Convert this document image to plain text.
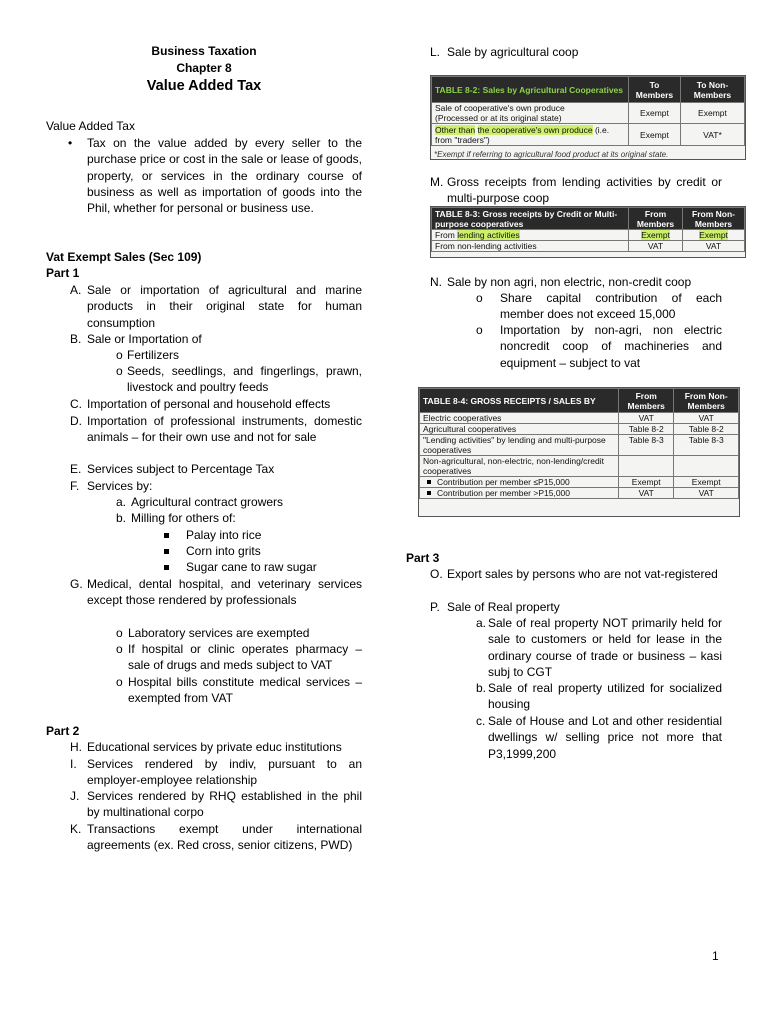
Business Taxation
Chapter 8
Value Added Tax
Value Added Tax
•	Tax on the value added by every seller to the purchase price or cost in the sale or lease of goods, property, or services in the ordinary course of business as well as importation of goods into the Phil, whether for personal or business use.
Vat Exempt Sales (Sec 109)
Part 1
A. Sale or importation of agricultural and marine products in their original state for human consumption
B. Sale or Importation of
o Fertilizers
o Seeds, seedlings, and fingerlings, prawn, livestock and poultry feeds
C. Importation of personal and household effects
D. Importation of professional instruments, domestic animals – for their own use and not for sale
E. Services subject to Percentage Tax
F. Services by:
a. Agricultural contract growers
b. Milling for others of:
Palay into rice
Corn into grits
Sugar cane to raw sugar
G. Medical, dental hospital, and veterinary services except those rendered by professionals
o Laboratory services are exempted
o If hospital or clinic operates pharmacy – sale of drugs and meds subject to VAT
o Hospital bills constitute medical services – exempted from VAT
Part 2
H. Educational services by private educ institutions
I. Services rendered by indiv, pursuant to an employer-employee relationship
J. Services rendered by RHQ established in the phil by multinational corpo
K. Transactions exempt under international agreements (ex. Red cross, senior citizens, PWD)
L. Sale by agricultural coop
TABLE 8-2: Sales by Agricultural Cooperatives	To Members	To Non-Members
Sale of cooperative's own produce
(Processed or at its original state)	Exempt	Exempt
Other than the cooperative's own produce (i.e. from "traders")	Exempt	VAT*
*Exempt if referring to agricultural food product at its original state.
M. Gross receipts from lending activities by credit or multi-purpose coop
TABLE 8-3: Gross receipts by Credit or Multi-purpose cooperatives	From Members	From Non-Members
From lending activities	Exempt	Exempt
From non-lending activities	VAT	VAT
N. Sale by non agri, non electric, non-credit coop
o	Share capital contribution of each member does not exceed 15,000
o	Importation by non-agri, non electric noncredit coop of machineries and equipment – subject to vat
TABLE 8-4: GROSS RECEIPTS / SALES BY	From Members	From Non-Members
Electric cooperatives	VAT	VAT
Agricultural cooperatives	Table 8-2	Table 8-2
"Lending activities" by lending and multi-purpose cooperatives	Table 8-3	Table 8-3
Non-agricultural, non-electric, non-lending/credit cooperatives		
Contribution per member ≤P15,000	Exempt	Exempt
Contribution per member >P15,000	VAT	VAT
Part 3
O. Export sales by persons who are not vat-registered
P. Sale of Real property
a. Sale of real property NOT primarily held for sale to customers or held for lease in the ordinary course of trade or business – kasi subj to CGT
b. Sale of real property utilized for socialized housing
c. Sale of House and Lot and other residential dwellings w/ selling price not more that P3,1999,200
1
